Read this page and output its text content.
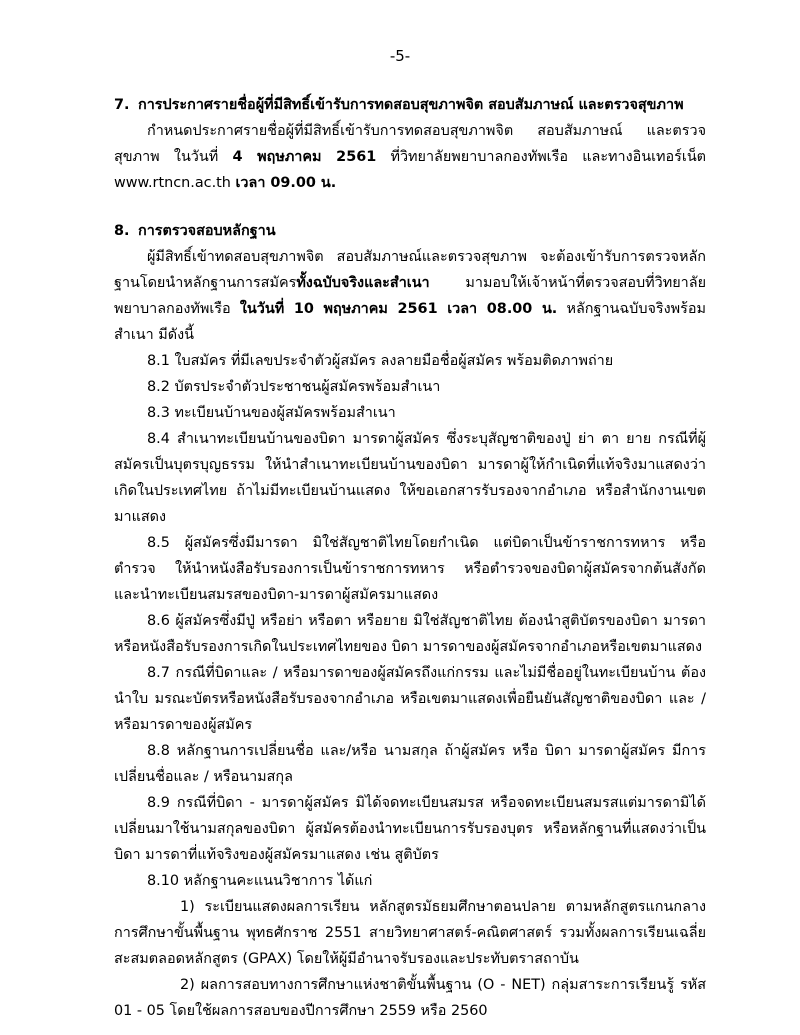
-5-

7. การประกาศรายชื่อผู้ที่มีสิทธิ์เข้ารับการทดสอบสุขภาพจิต สอบสัมภาษณ์ และตรวจสุขภาพ

กำหนดประกาศรายชื่อผู้ที่มีสิทธิ์เข้ารับการทดสอบสุขภาพจิต สอบสัมภาษณ์ และตรวจสุขภาพ ในวันที่ 4 พฤษภาคม 2561 ที่วิทยาลัยพยาบาลกองทัพเรือ และทางอินเทอร์เน็ต www.rtncn.ac.th เวลา 09.00 น.

8. การตรวจสอบหลักฐาน

ผู้มีสิทธิ์เข้าทดสอบสุขภาพจิต สอบสัมภาษณ์และตรวจสุขภาพ จะต้องเข้ารับการตรวจหลักฐานโดยนำหลักฐานการสมัครทั้งฉบับจริงและสำเนา มามอบให้เจ้าหน้าที่ตรวจสอบที่วิทยาลัยพยาบาลกองทัพเรือ ในวันที่ 10 พฤษภาคม 2561 เวลา 08.00 น. หลักฐานฉบับจริงพร้อมสำเนา มีดังนี้

8.1 ใบสมัคร ที่มีเลขประจำตัวผู้สมัคร ลงลายมือชื่อผู้สมัคร พร้อมติดภาพถ่าย

8.2 บัตรประจำตัวประชาชนผู้สมัครพร้อมสำเนา

8.3 ทะเบียนบ้านของผู้สมัครพร้อมสำเนา

8.4 สำเนาทะเบียนบ้านของบิดา มารดาผู้สมัคร ซึ่งระบุสัญชาติของปู่ ย่า ตา ยาย กรณีที่ผู้สมัครเป็นบุตรบุญธรรม ให้นำสำเนาทะเบียนบ้านของบิดา มารดาผู้ให้กำเนิดที่แท้จริงมาแสดงว่าเกิดในประเทศไทย ถ้าไม่มีทะเบียนบ้านแสดง ให้ขอเอกสารรับรองจากอำเภอ หรือสำนักงานเขตมาแสดง

8.5 ผู้สมัครซึ่งมีมารดา มิใช่สัญชาติไทยโดยกำเนิด แต่บิดาเป็นข้าราชการทหาร หรือตำรวจ ให้นำหนังสือรับรองการเป็นข้าราชการทหาร หรือตำรวจของบิดาผู้สมัครจากต้นสังกัด และนำทะเบียนสมรสของบิดา-มารดาผู้สมัครมาแสดง

8.6 ผู้สมัครซึ่งมีปู่ หรือย่า หรือตา หรือยาย มิใช่สัญชาติไทย ต้องนำสูติบัตรของบิดา มารดา หรือหนังสือรับรองการเกิดในประเทศไทยของ บิดา มารดาของผู้สมัครจากอำเภอหรือเขตมาแสดง

8.7 กรณีที่บิดาและ / หรือมารดาของผู้สมัครถึงแก่กรรม และไม่มีชื่ออยู่ในทะเบียนบ้าน ต้องนำใบ มรณะบัตรหรือหนังสือรับรองจากอำเภอ หรือเขตมาแสดงเพื่อยืนยันสัญชาติของบิดา และ / หรือมารดาของผู้สมัคร

8.8 หลักฐานการเปลี่ยนชื่อ และ/หรือ นามสกุล ถ้าผู้สมัคร หรือ บิดา มารดาผู้สมัคร มีการเปลี่ยนชื่อและ / หรือนามสกุล

8.9 กรณีที่บิดา - มารดาผู้สมัคร มิได้จดทะเบียนสมรส หรือจดทะเบียนสมรสแต่มารดามิได้เปลี่ยนมาใช้นามสกุลของบิดา ผู้สมัครต้องนำทะเบียนการรับรองบุตร หรือหลักฐานที่แสดงว่าเป็นบิดา มารดาที่แท้จริงของผู้สมัครมาแสดง เช่น สูติบัตร

8.10 หลักฐานคะแนนวิชาการ ได้แก่

1) ระเบียนแสดงผลการเรียน หลักสูตรมัธยมศึกษาตอนปลาย ตามหลักสูตรแกนกลางการศึกษาขั้นพื้นฐาน พุทธศักราช 2551 สายวิทยาศาสตร์-คณิตศาสตร์ รวมทั้งผลการเรียนเฉลี่ยสะสมตลอดหลักสูตร (GPAX) โดยให้ผู้มีอำนาจรับรองและประทับตราสถาบัน

2) ผลการสอบทางการศึกษาแห่งชาติขั้นพื้นฐาน (O - NET) กลุ่มสาระการเรียนรู้ รหัส 01 - 05 โดยใช้ผลการสอบของปีการศึกษา 2559 หรือ 2560
